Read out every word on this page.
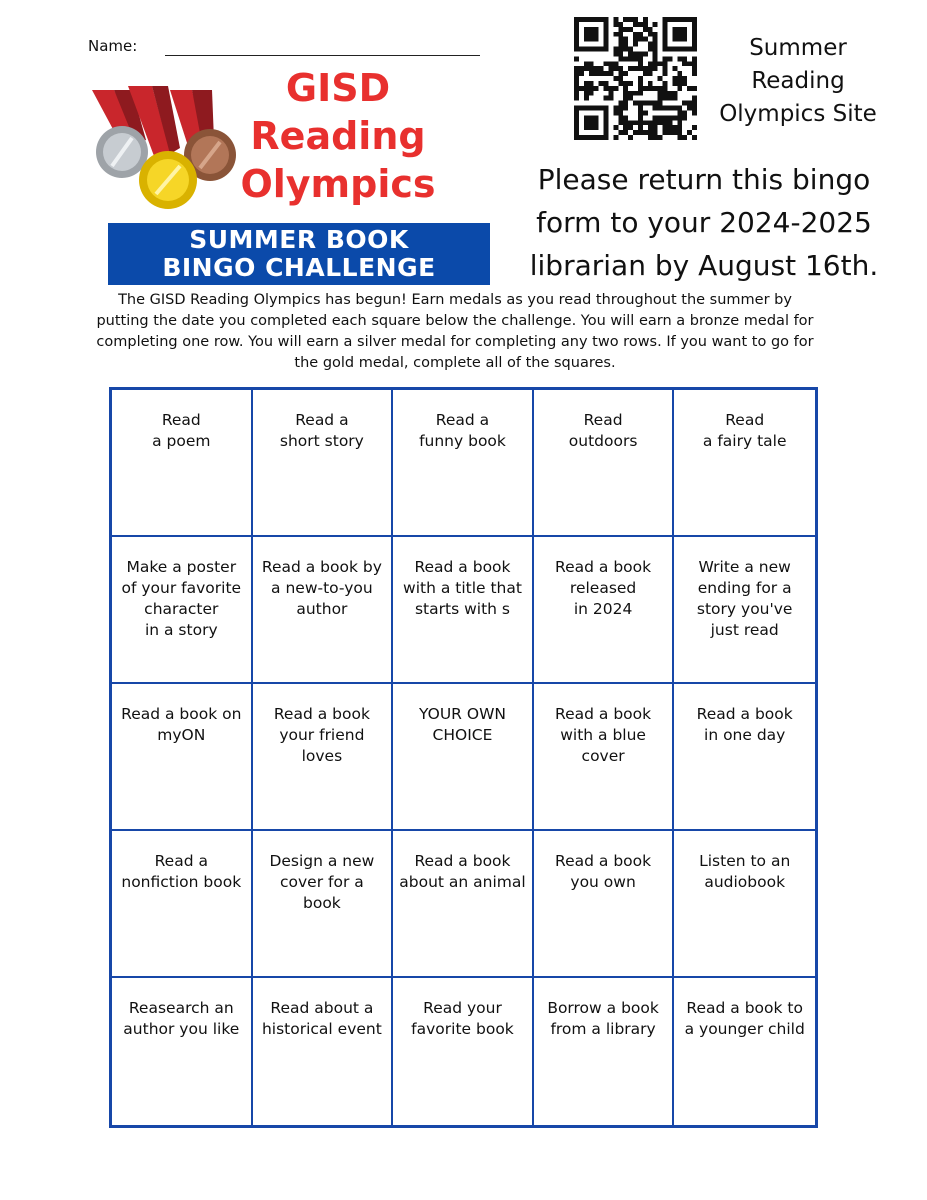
Name:
GISD
Reading
Olympics
SUMMER BOOK
BINGO CHALLENGE
Summer
Reading
Olympics Site
Please return this bingo
form to your 2024-2025
librarian by August 16th.
The GISD Reading Olympics has begun! Earn medals as you read throughout the summer by putting the date you completed each square below the challenge. You will earn a bronze medal for completing one row. You will earn a silver medal for completing any two rows. If you want to go for the gold medal, complete all of the squares.
Read
a poem
Read a
short story
Read a
funny book
Read
outdoors
Read
a fairy tale
Make a poster
of your favorite
character
in a story
Read a book by
a new-to-you
author
Read a book
with a title that
starts with s
Read a book
released
in 2024
Write a new
ending for a
story you've
just read
Read a book on
myON
Read a book
your friend
loves
YOUR OWN
CHOICE
Read a book
with a blue
cover
Read a book
in one day
Read a
nonfiction book
Design a new
cover for a
book
Read a book
about an animal
Read a book
you own
Listen to an
audiobook
Reasearch an
author you like
Read about a
historical event
Read your
favorite book
Borrow a book
from a library
Read a book to
a younger child
